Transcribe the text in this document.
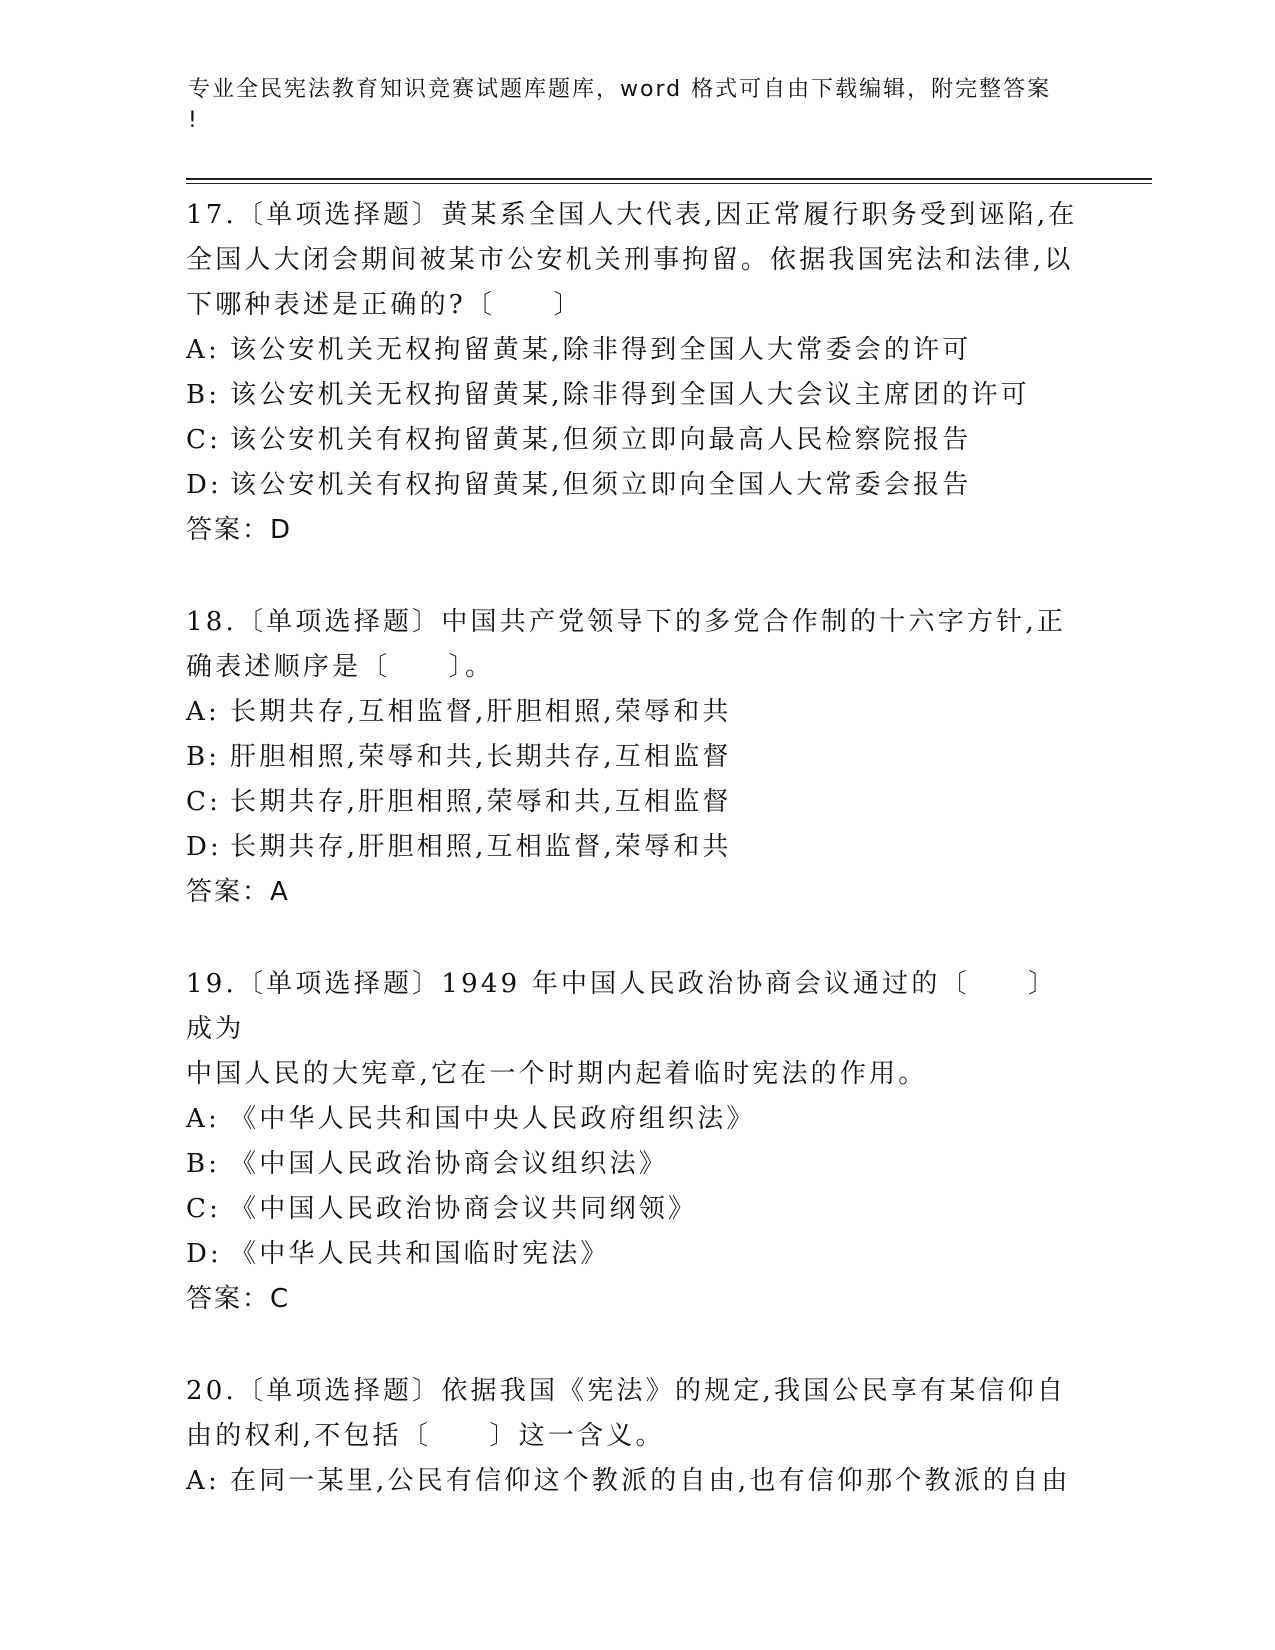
专业全民宪法教育知识竞赛试题库题库，word 格式可自由下载编辑，附完整答案
!
17.〔单项选择题〕黄某系全国人大代表,因正常履行职务受到诬陷,在
全国人大闭会期间被某市公安机关刑事拘留。依据我国宪法和法律,以
下哪种表述是正确的?〔　　〕
A: 该公安机关无权拘留黄某,除非得到全国人大常委会的许可
B: 该公安机关无权拘留黄某,除非得到全国人大会议主席团的许可
C: 该公安机关有权拘留黄某,但须立即向最高人民检察院报告
D: 该公安机关有权拘留黄某,但须立即向全国人大常委会报告
答案：D
18.〔单项选择题〕中国共产党领导下的多党合作制的十六字方针,正
确表述顺序是〔　　〕。
A: 长期共存,互相监督,肝胆相照,荣辱和共
B: 肝胆相照,荣辱和共,长期共存,互相监督
C: 长期共存,肝胆相照,荣辱和共,互相监督
D: 长期共存,肝胆相照,互相监督,荣辱和共
答案：A
19.〔单项选择题〕1949 年中国人民政治协商会议通过的〔　　〕成为
中国人民的大宪章,它在一个时期内起着临时宪法的作用。
A: 《中华人民共和国中央人民政府组织法》
B: 《中国人民政治协商会议组织法》
C: 《中国人民政治协商会议共同纲领》
D: 《中华人民共和国临时宪法》
答案：C
20.〔单项选择题〕依据我国《宪法》的规定,我国公民享有某信仰自
由的权利,不包括〔　　〕这一含义。
A: 在同一某里,公民有信仰这个教派的自由,也有信仰那个教派的自由
